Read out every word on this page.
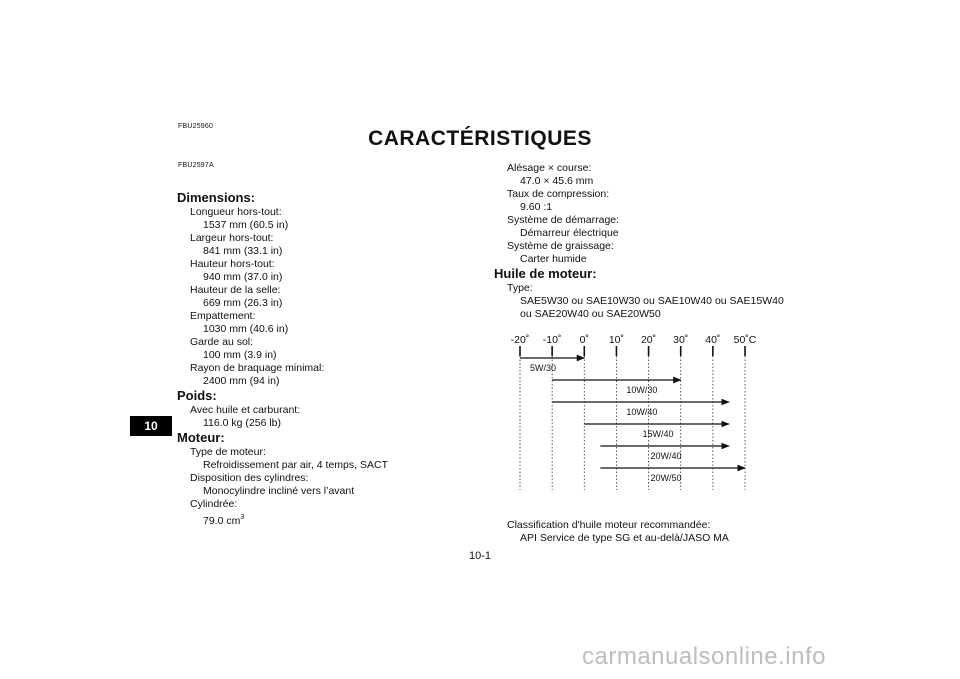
FBU25960
CARACTÉRISTIQUES
10
FBU2597A
Dimensions:
Longueur hors-tout:
1537 mm (60.5 in)
Largeur hors-tout:
841 mm (33.1 in)
Hauteur hors-tout:
940 mm (37.0 in)
Hauteur de la selle:
669 mm (26.3 in)
Empattement:
1030 mm (40.6 in)
Garde au sol:
100 mm (3.9 in)
Rayon de braquage minimal:
2400 mm (94 in)
Poids:
Avec huile et carburant:
116.0 kg (256 lb)
Moteur:
Type de moteur:
Refroidissement par air, 4 temps, SACT
Disposition des cylindres:
Monocylindre incliné vers l’avant
Cylindrée:
79.0 $cm^3$
Alésage × course:
47.0 × 45.6 mm
Taux de compression:
9.60 :1
Système de démarrage:
Démarreur électrique
Système de graissage:
Carter humide
Huile de moteur:
Type:
SAE5W30 ou SAE10W30 ou SAE10W40 ou SAE15W40
ou SAE20W40 ou SAE20W50
-20˚ -10˚ 0˚ 10˚ 20˚ 30˚ 40˚ 50˚C
5W/30
10W/30
10W/40
15W/40
20W/40
20W/50
Classification d'huile moteur recommandée:
API Service de type SG et au-delà/JASO MA
10-1
carmanualsonline.info
